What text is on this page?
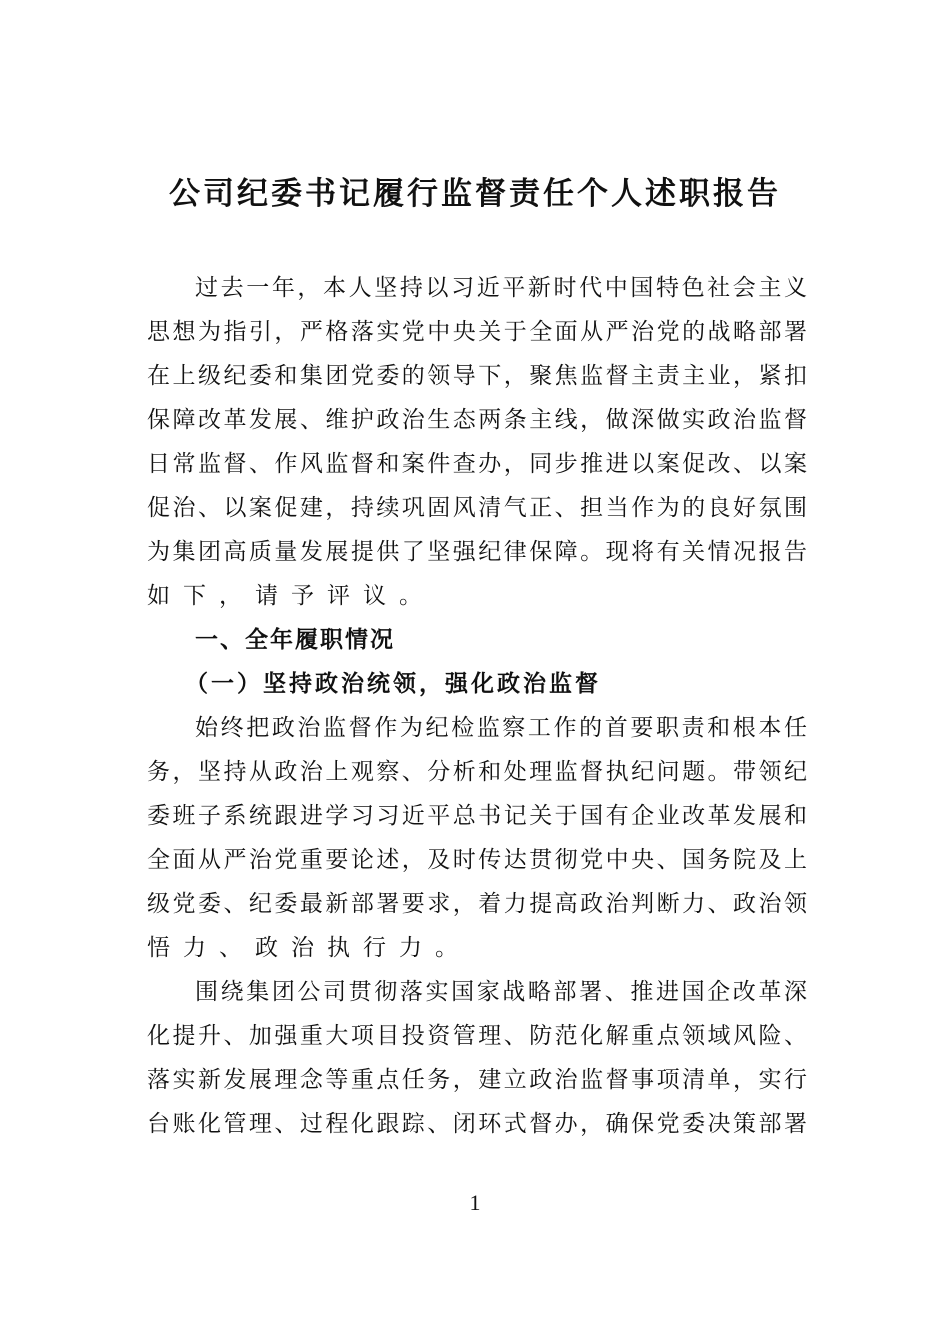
公司纪委书记履行监督责任个人述职报告
过去一年，本人坚持以习近平新时代中国特色社会主义
思想为指引，严格落实党中央关于全面从严治党的战略部署
在上级纪委和集团党委的领导下，聚焦监督主责主业，紧扣
保障改革发展、维护政治生态两条主线，做深做实政治监督
日常监督、作风监督和案件查办，同步推进以案促改、以案
促治、以案促建，持续巩固风清气正、担当作为的良好氛围
为集团高质量发展提供了坚强纪律保障。现将有关情况报告
如下，请予评议。
一、全年履职情况
（一）坚持政治统领，强化政治监督
始终把政治监督作为纪检监察工作的首要职责和根本任
务，坚持从政治上观察、分析和处理监督执纪问题。带领纪
委班子系统跟进学习习近平总书记关于国有企业改革发展和
全面从严治党重要论述，及时传达贯彻党中央、国务院及上
级党委、纪委最新部署要求，着力提高政治判断力、政治领
悟力、政治执行力。
围绕集团公司贯彻落实国家战略部署、推进国企改革深
化提升、加强重大项目投资管理、防范化解重点领域风险、
落实新发展理念等重点任务，建立政治监督事项清单，实行
台账化管理、过程化跟踪、闭环式督办，确保党委决策部署
1
